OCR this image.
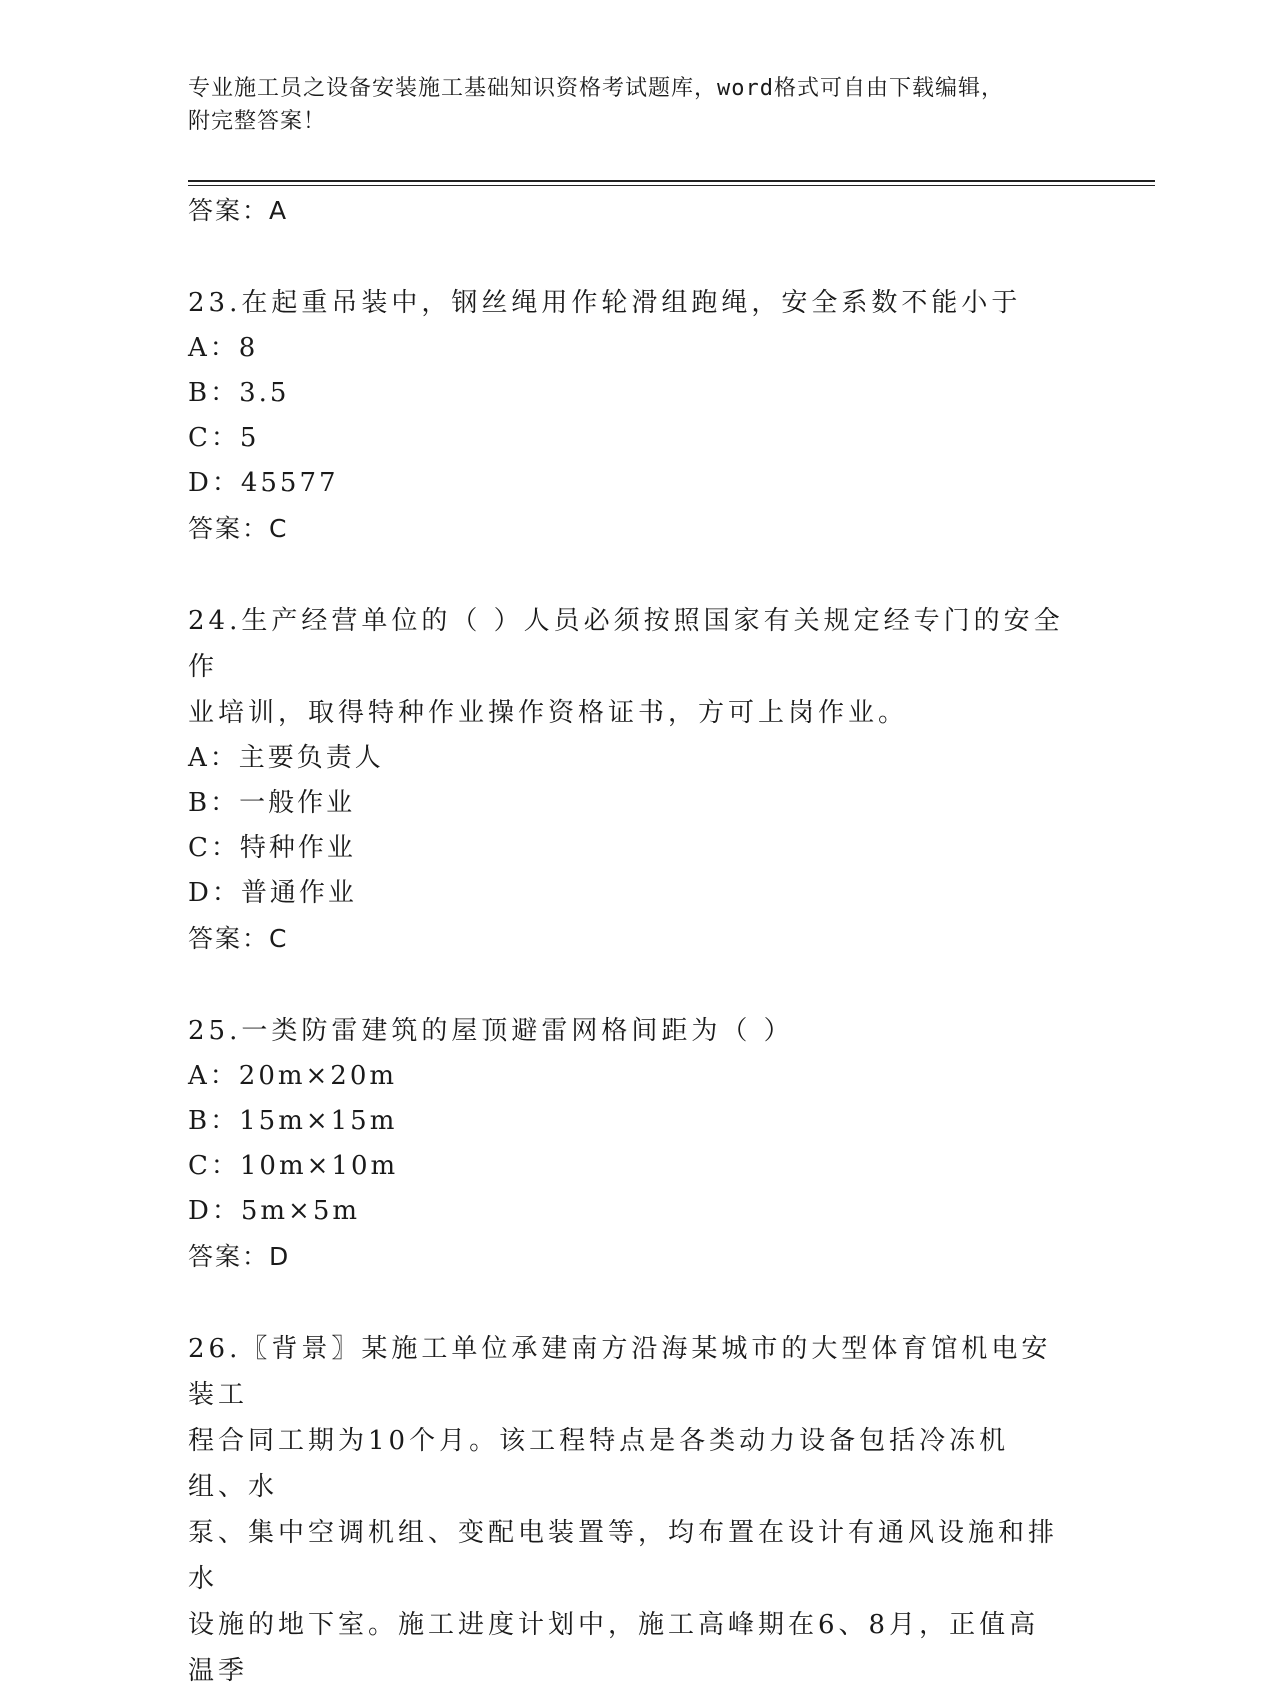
专业施工员之设备安装施工基础知识资格考试题库，word格式可自由下载编辑，
附完整答案！
答案：A
23.在起重吊装中，钢丝绳用作轮滑组跑绳，安全系数不能小于
A：8
B：3.5
C：5
D：45577
答案：C
24.生产经营单位的（ ）人员必须按照国家有关规定经专门的安全作
业培训，取得特种作业操作资格证书，方可上岗作业。
A：主要负责人
B：一般作业
C：特种作业
D：普通作业
答案：C
25.一类防雷建筑的屋顶避雷网格间距为（ ）
A：20m×20m
B：15m×15m
C：10m×10m
D：5m×5m
答案：D
26.〖背景〗某施工单位承建南方沿海某城市的大型体育馆机电安装工
程合同工期为10个月。该工程特点是各类动力设备包括冷冻机组、水
泵、集中空调机组、变配电装置等，均布置在设计有通风设施和排水
设施的地下室。施工进度计划中，施工高峰期在6、8月，正值高温季
